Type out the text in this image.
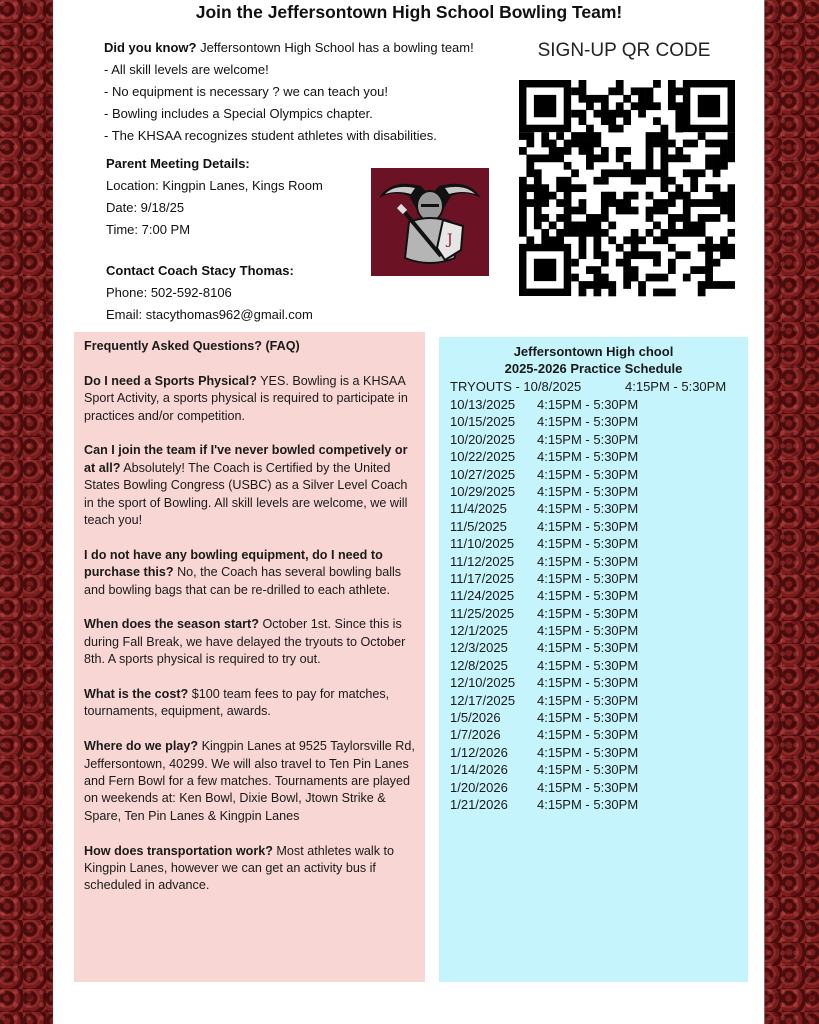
Join the Jeffersontown High School Bowling Team!
Did you know? Jeffersontown High School has a bowling team!
- All skill levels are welcome!
- No equipment is necessary ? we can teach you!
- Bowling includes a Special Olympics chapter.
- The KHSAA recognizes student athletes with disabilities.
Parent Meeting Details:
Location: Kingpin Lanes, Kings Room
Date: 9/18/25
Time: 7:00 PM
J
Contact Coach Stacy Thomas:
Phone: 502-592-8106
Email: stacythomas962@gmail.com
SIGN-UP QR CODE
Frequently Asked Questions? (FAQ)
Do I need a Sports Physical? YES. Bowling is a KHSAA Sport Activity, a sports physical is required to participate in practices and/or competition.
Can I join the team if I've never bowled competively or at all? Absolutely! The Coach is Certified by the United States Bowling Congress (USBC) as a Silver Level Coach in the sport of Bowling. All skill levels are welcome, we will teach you!
I do not have any bowling equipment, do I need to purchase this? No, the Coach has several bowling balls and bowling bags that can be re-drilled to each athlete.
When does the season start? October 1st. Since this is during Fall Break, we have delayed the tryouts to October 8th. A sports physical is required to try out.
What is the cost? $100 team fees to pay for matches, tournaments, equipment, awards.
Where do we play? Kingpin Lanes at 9525 Taylorsville Rd, Jeffersontown, 40299. We will also travel to Ten Pin Lanes and Fern Bowl for a few matches. Tournaments are played on weekends at: Ken Bowl, Dixie Bowl, Jtown Strike & Spare, Ten Pin Lanes & Kingpin Lanes
How does transportation work? Most athletes walk to Kingpin Lanes, however we can get an activity bus if scheduled in advance.
Jeffersontown High chool
2025-2026 Practice Schedule
TRYOUTS - 10/8/2025	4:15PM - 5:30PM
10/13/2025 4:15PM - 5:30PM
10/15/2025 4:15PM - 5:30PM
10/20/2025 4:15PM - 5:30PM
10/22/2025 4:15PM - 5:30PM
10/27/2025 4:15PM - 5:30PM
10/29/2025 4:15PM - 5:30PM
11/4/2025 4:15PM - 5:30PM
11/5/2025 4:15PM - 5:30PM
11/10/2025 4:15PM - 5:30PM
11/12/2025 4:15PM - 5:30PM
11/17/2025 4:15PM - 5:30PM
11/24/2025 4:15PM - 5:30PM
11/25/2025 4:15PM - 5:30PM
12/1/2025 4:15PM - 5:30PM
12/3/2025 4:15PM - 5:30PM
12/8/2025 4:15PM - 5:30PM
12/10/2025 4:15PM - 5:30PM
12/17/2025 4:15PM - 5:30PM
1/5/2026	4:15PM - 5:30PM
1/7/2026	4:15PM - 5:30PM
1/12/2026 4:15PM - 5:30PM
1/14/2026 4:15PM - 5:30PM
1/20/2026 4:15PM - 5:30PM
1/21/2026 4:15PM - 5:30PM
